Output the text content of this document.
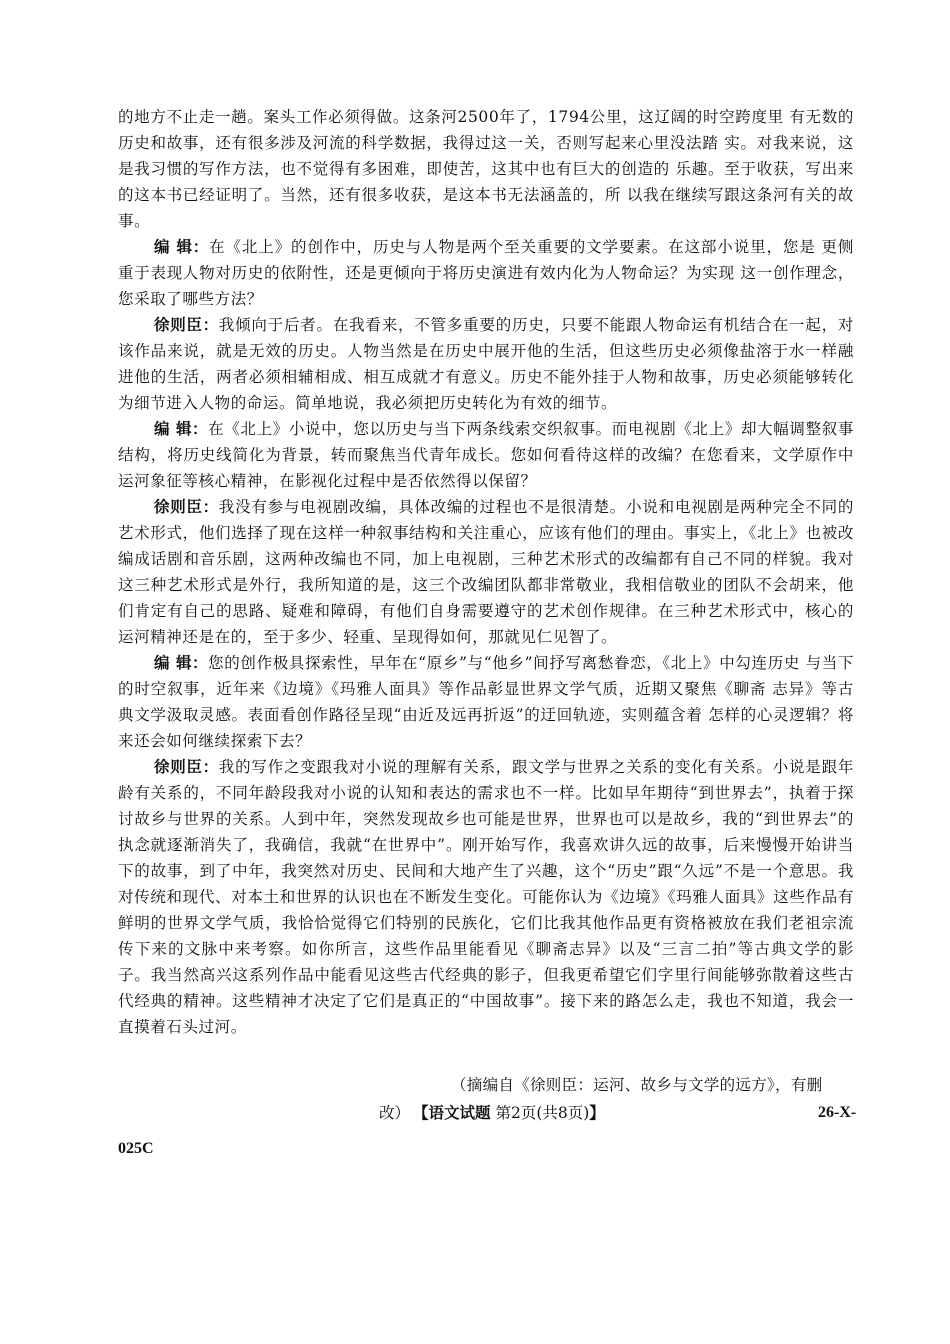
的地方不止走一趟。案头工作必须得做。这条河2500年了，1794公里，这辽阔的时空跨度里 有无数的历史和故事，还有很多涉及河流的科学数据，我得过这一关，否则写起来心里没法踏 实。对我来说，这是我习惯的写作方法，也不觉得有多困难，即使苦，这其中也有巨大的创造的 乐趣。至于收获，写出来的这本书已经证明了。当然，还有很多收获，是这本书无法涵盖的，所 以我在继续写跟这条河有关的故事。

编 辑：在《北上》的创作中，历史与人物是两个至关重要的文学要素。在这部小说里，您是 更侧重于表现人物对历史的依附性，还是更倾向于将历史演进有效内化为人物命运？为实现 这一创作理念，您采取了哪些方法？

徐则臣：我倾向于后者。在我看来，不管多重要的历史，只要不能跟人物命运有机结合在一起，对该作品来说，就是无效的历史。人物当然是在历史中展开他的生活，但这些历史必须像盐溶于水一样融进他的生活，两者必须相辅相成、相互成就才有意义。历史不能外挂于人物和故事，历史必须能够转化为细节进入人物的命运。简单地说，我必须把历史转化为有效的细节。

编 辑：在《北上》小说中，您以历史与当下两条线索交织叙事。而电视剧《北上》却大幅调整叙事结构，将历史线简化为背景，转而聚焦当代青年成长。您如何看待这样的改编？在您看来，文学原作中运河象征等核心精神，在影视化过程中是否依然得以保留？

徐则臣：我没有参与电视剧改编，具体改编的过程也不是很清楚。小说和电视剧是两种完全不同的艺术形式，他们选择了现在这样一种叙事结构和关注重心，应该有他们的理由。事实上，《北上》也被改编成话剧和音乐剧，这两种改编也不同，加上电视剧，三种艺术形式的改编都有自己不同的样貌。我对这三种艺术形式是外行，我所知道的是，这三个改编团队都非常敬业，我相信敬业的团队不会胡来，他们肯定有自己的思路、疑难和障碍，有他们自身需要遵守的艺术创作规律。在三种艺术形式中，核心的运河精神还是在的，至于多少、轻重、呈现得如何，那就见仁见智了。

编 辑：您的创作极具探索性，早年在“原乡”与“他乡”间抒写离愁眷恋，《北上》中勾连历史 与当下的时空叙事，近年来《边境》《玛雅人面具》等作品彰显世界文学气质，近期又聚焦《聊斋 志异》等古典文学汲取灵感。表面看创作路径呈现“由近及远再折返”的迂回轨迹，实则蕴含着 怎样的心灵逻辑？将来还会如何继续探索下去？

徐则臣：我的写作之变跟我对小说的理解有关系，跟文学与世界之关系的变化有关系。小说是跟年龄有关系的，不同年龄段我对小说的认知和表达的需求也不一样。比如早年期待“到世界去”，执着于探讨故乡与世界的关系。人到中年，突然发现故乡也可能是世界，世界也可以是故乡，我的“到世界去”的执念就逐渐消失了，我确信，我就“在世界中”。刚开始写作，我喜欢讲久远的故事，后来慢慢开始讲当下的故事，到了中年，我突然对历史、民间和大地产生了兴趣，这个“历史”跟“久远”不是一个意思。我对传统和现代、对本土和世界的认识也在不断发生变化。可能你认为《边境》《玛雅人面具》这些作品有鲜明的世界文学气质，我恰恰觉得它们特别的民族化，它们比我其他作品更有资格被放在我们老祖宗流传下来的文脉中来考察。如你所言，这些作品里能看见《聊斋志异》以及“三言二拍”等古典文学的影子。我当然高兴这系列作品中能看见这些古代经典的影子，但我更希望它们字里行间能够弥散着这些古代经典的精神。这些精神才决定了它们是真正的“中国故事”。接下来的路怎么走，我也不知道，我会一直摸着石头过河。

（摘编自《徐则臣：运河、故乡与文学的远方》，有删
改） 【语文试题 第2页(共8页)】	26-X-
025C
